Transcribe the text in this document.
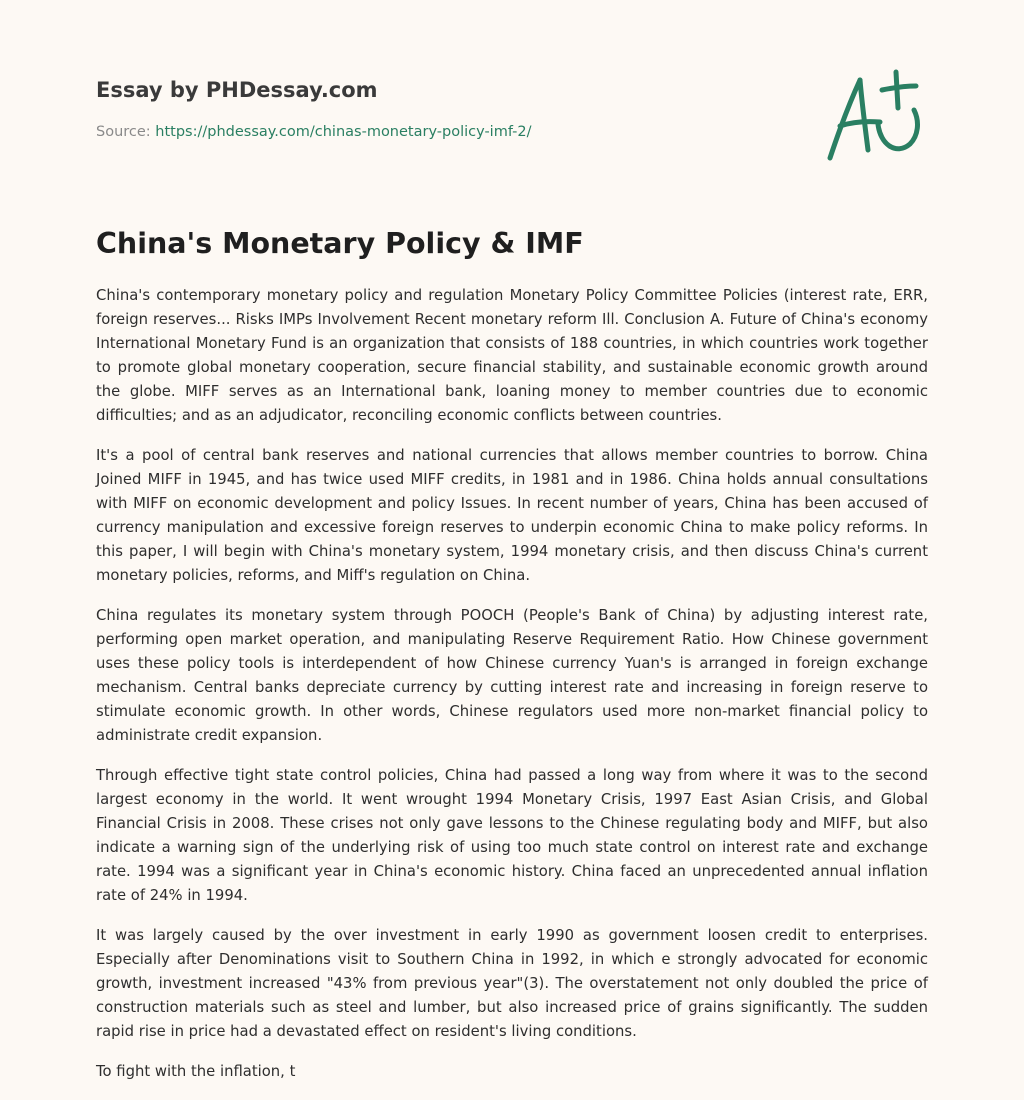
Essay by PHDessay.com
Source: https://phdessay.com/chinas-monetary-policy-imf-2/
China's Monetary Policy & IMF

China's contemporary monetary policy and regulation Monetary Policy Committee Policies (interest rate, ERR, foreign reserves... Risks IMPs Involvement Recent monetary reform Ill. Conclusion A. Future of China's economy International Monetary Fund is an organization that consists of 188 countries, in which countries work together to promote global monetary cooperation, secure financial stability, and sustainable economic growth around the globe. MIFF serves as an International bank, loaning money to member countries due to economic difficulties; and as an adjudicator, reconciling economic conflicts between countries.

It's a pool of central bank reserves and national currencies that allows member countries to borrow. China Joined MIFF in 1945, and has twice used MIFF credits, in 1981 and in 1986. China holds annual consultations with MIFF on economic development and policy Issues. In recent number of years, China has been accused of currency manipulation and excessive foreign reserves to underpin economic China to make policy reforms. In this paper, I will begin with China's monetary system, 1994 monetary crisis, and then discuss China's current monetary policies, reforms, and Miff's regulation on China.

China regulates its monetary system through POOCH (People's Bank of China) by adjusting interest rate, performing open market operation, and manipulating Reserve Requirement Ratio. How Chinese government uses these policy tools is interdependent of how Chinese currency Yuan's is arranged in foreign exchange mechanism. Central banks depreciate currency by cutting interest rate and increasing in foreign reserve to stimulate economic growth. In other words, Chinese regulators used more non-market financial policy to administrate credit expansion.

Through effective tight state control policies, China had passed a long way from where it was to the second largest economy in the world. It went wrought 1994 Monetary Crisis, 1997 East Asian Crisis, and Global Financial Crisis in 2008. These crises not only gave lessons to the Chinese regulating body and MIFF, but also indicate a warning sign of the underlying risk of using too much state control on interest rate and exchange rate. 1994 was a significant year in China's economic history. China faced an unprecedented annual inflation rate of 24% in 1994.

It was largely caused by the over investment in early 1990 as government loosen credit to enterprises. Especially after Denominations visit to Southern China in 1992, in which e strongly advocated for economic growth, investment increased "43% from previous year"(3). The overstatement not only doubled the price of construction materials such as steel and lumber, but also increased price of grains significantly. The sudden rapid rise in price had a devastated effect on resident's living conditions.

To fight with the inflation, t
